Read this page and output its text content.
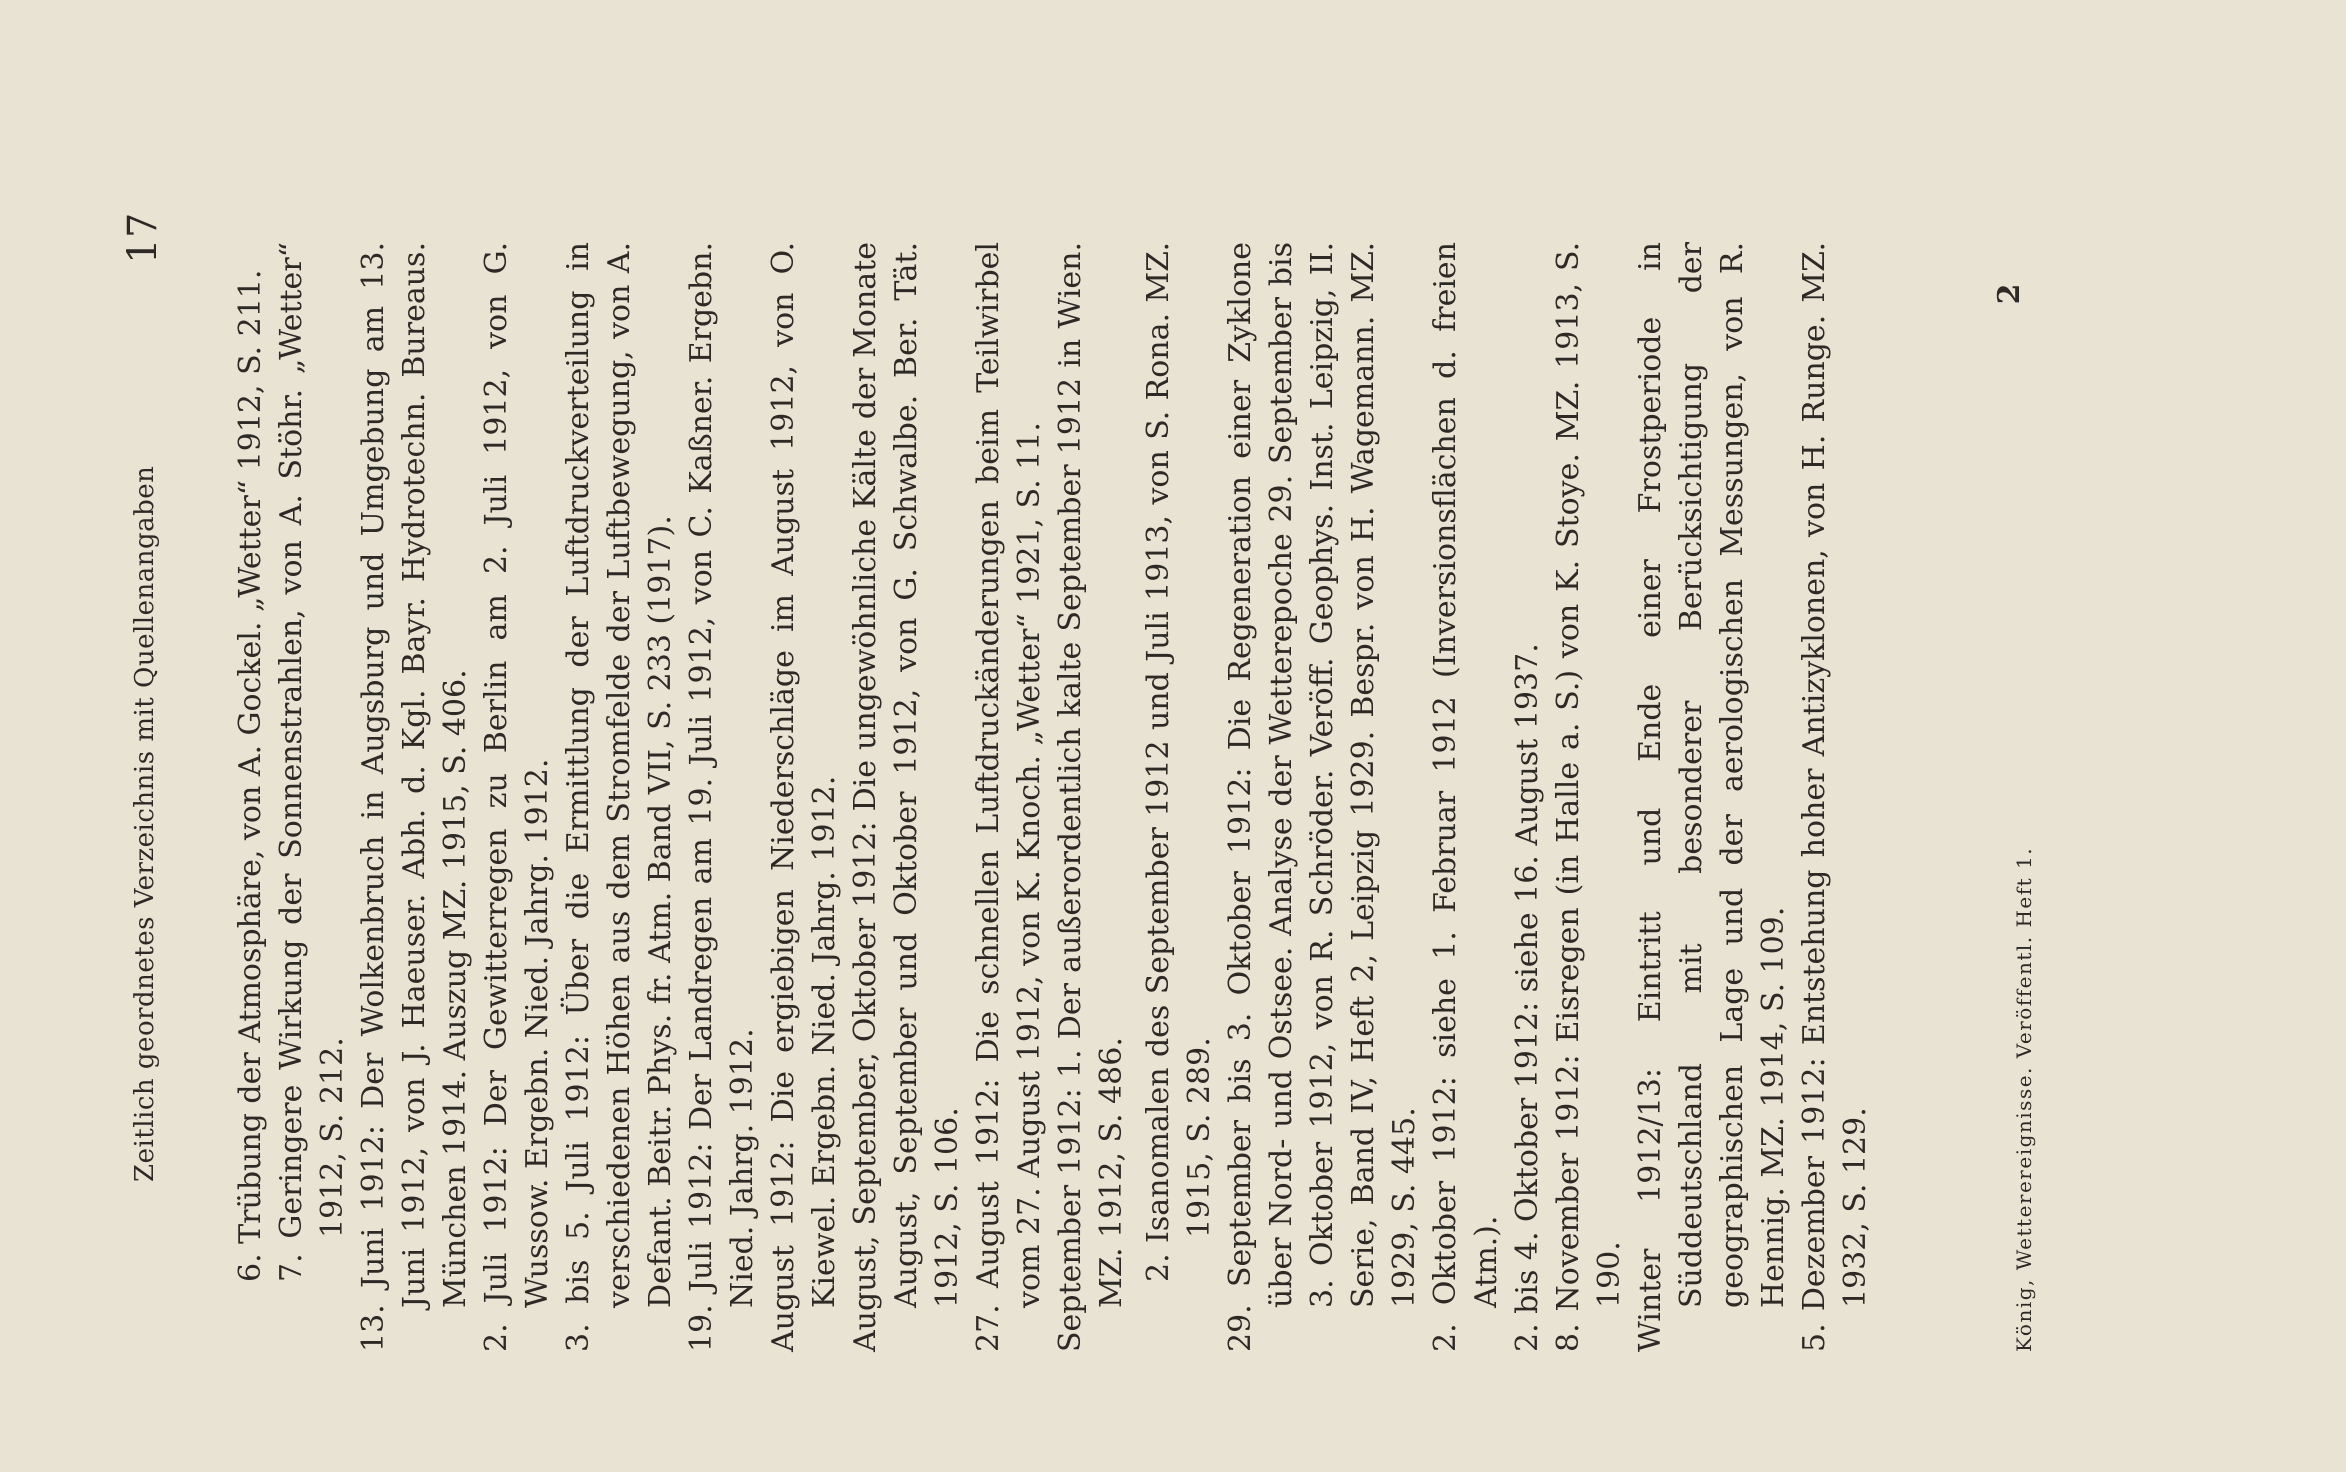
Zeitlich geordnetes Verzeichnis mit Quellenangaben
17

6. Trübung der Atmosphäre, von A. Gockel. „Wetter“ 1912, S. 211. 7. Geringere Wirkung der Sonnenstrahlen, von A. Stöhr. „Wetter“ 1912, S. 212. 13. Juni 1912: Der Wolkenbruch in Augsburg und Umgebung am 13. Juni 1912, von J. Haeuser. Abh. d. Kgl. Bayr. Hydrotechn. Bureaus. München 1914. Auszug MZ. 1915, S. 406. 2. Juli 1912: Der Gewitterregen zu Berlin am 2. Juli 1912, von G. Wussow. Ergebn. Nied. Jahrg. 1912. 3. bis 5. Juli 1912: Über die Ermittlung der Luftdruckverteilung in verschiedenen Höhen aus dem Stromfelde der Luftbewegung, von A. Defant. Beitr. Phys. fr. Atm. Band VII, S. 233 (1917). 19. Juli 1912: Der Landregen am 19. Juli 1912, von C. Kaßner. Ergebn. Nied. Jahrg. 1912. August 1912: Die ergiebigen Niederschläge im August 1912, von O. Kiewel. Ergebn. Nied. Jahrg. 1912. August, September, Oktober 1912: Die ungewöhnliche Kälte der Monate August, September und Oktober 1912, von G. Schwalbe. Ber. Tät. 1912, S. 106. 27. August 1912: Die schnellen Luftdruckänderungen beim Teilwirbel vom 27. August 1912, von K. Knoch. „Wetter“ 1921, S. 11. September 1912: 1. Der außerordentlich kalte September 1912 in Wien. MZ. 1912, S. 486. 2. Isanomalen des September 1912 und Juli 1913, von S. Rona. MZ. 1915, S. 289. 29. September bis 3. Oktober 1912: Die Regeneration einer Zyklone über Nord- und Ostsee. Analyse der Wetterepoche 29. September bis 3. Oktober 1912, von R. Schröder. Veröff. Geophys. Inst. Leipzig, II. Serie, Band IV, Heft 2, Leipzig 1929. Bespr. von H. Wagemann. MZ. 1929, S. 445. 2. Oktober 1912: siehe 1. Februar 1912 (Inversionsflächen d. freien Atm.). 2. bis 4. Oktober 1912: siehe 16. August 1937. 8. November 1912: Eisregen (in Halle a. S.) von K. Stoye. MZ. 1913, S. 190. Winter 1912/13: Eintritt und Ende einer Frostperiode in Süddeutschland mit besonderer Berücksichtigung der geographischen Lage und der aerologischen Messungen, von R. Hennig. MZ. 1914, S. 109. 5. Dezember 1912: Entstehung hoher Antizyklonen, von H. Runge. MZ. 1932, S. 129.	König, Wetterereignisse. Veröffentl. Heft 1.
2
